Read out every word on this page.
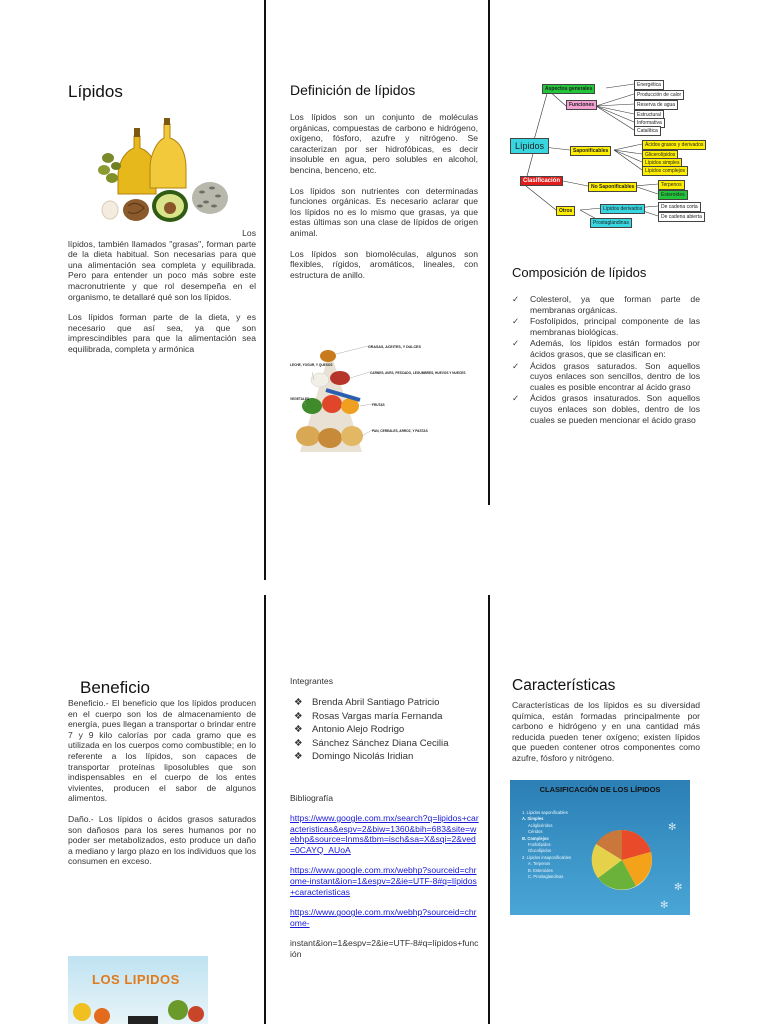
Lípidos
Los

lípidos, también llamados "grasas", forman parte de la dieta habitual. Son necesarias para que una alimentación sea completa y equilibrada. Pero para entender un poco más sobre este macronutriente y que rol desempeña en el organismo, te detallaré qué son los lípidos.

Los lípidos forman parte de la dieta, y es necesario que así sea, ya que son imprescindibles para que la alimentación sea equilibrada, completa y armónica

Definición de lípidos

Los lípidos son un conjunto de moléculas orgánicas, compuestas de carbono e hidrógeno, oxígeno, fósforo, azufre y nitrógeno. Se caracterizan por ser hidrofóbicas, es decir insoluble en agua, pero solubles en alcohol, bencina, benceno, etc.

Los lípidos son nutrientes con determinadas funciones orgánicas. Es necesario aclarar que los lípidos no es lo mismo que grasas, ya que estas últimas son una clase de lípidos de origen animal.

Los lípidos son biomoléculas, algunos son flexibles, rígidos, aromáticos, lineales, con estructura de anillo.

GRASAS, ACEITES, Y DULCES
LECHE, YOGUR, Y QUESOS
CARNES, AVES, PESCADO, LEGUMBRES, HUEVOS Y NUECES
VEGETALES
FRUTAS
PAN, CEREALES, ARROZ, Y PASTAS
Aspectos generales
Funciones
Lípidos	Saponificables
Clasificación
No Saponificables
Otros
Energética
Producción de calor
Reserva de agua
Estructural
Informativa
Catalítica
Ácidos grasos y derivados
Glicerolípidos
Lípidos simples
Lípidos complejos
Terpenos
Esteroides
Lípidos derivados
Prostaglandinas
De cadena corta
De cadena abierta
Composición de lípidos
✓ Colesterol, ya que forman parte de membranas orgánicas.
✓ Fosfolípidos, principal componente de las membranas biológicas.
✓ Además, los lípidos están formados por ácidos grasos, que se clasifican en:
✓ Ácidos grasos saturados. Son aquellos cuyos enlaces son sencillos, dentro de los cuales es posible encontrar al ácido graso
✓ Ácidos grasos insaturados. Son aquellos cuyos enlaces son dobles, dentro de los cuales se pueden mencionar el ácido graso
Beneficio

Beneficio.- El beneficio que los lípidos producen en el cuerpo son los de almacenamiento de energía, pues llegan a transportar o brindar entre 7 y 9 kilo calorías por cada gramo que es utilizada en los cuerpos como combustible; en lo referente a los lípidos, son capaces de transportar proteínas liposolubles que son indispensables en el cuerpo de los entes vivientes, producen el sabor de algunos alimentos.

Daño.- Los lípidos o ácidos grasos saturados son dañosos para los seres humanos por no poder ser metabolizados, esto produce un daño a mediano y largo plazo en los individuos que los consumen en exceso.

LOS LIPIDOS
Integrantes
❖ Brenda Abril Santiago Patricio
❖ Rosas Vargas maría Fernanda
❖ Antonio Alejo Rodrigo
❖ Sánchez Sánchez Diana Cecilia
❖ Domingo Nicolás Iridian
Bibliografía

https://www.google.com.mx/search?q=lipidos+caracteristicas&espv=2&biw=1360&bih=683&site=webhp&source=lnms&tbm=isch&sa=X&sqi=2&ved=0CAYQ_AUoA

https://www.google.com.mx/webhp?sourceid=chrome-instant&ion=1&espv=2&ie=UTF-8#q=lípidos+caracteristicas

https://www.google.com.mx/webhp?sourceid=chrome-

instant&ion=1&espv=2&ie=UTF-8#q=lípidos+función

Características
Características de los lípidos es su diversidad química, están formadas principalmente por carbono e hidrógeno y en una cantidad más reducida pueden tener oxígeno; existen lípidos que pueden contener otros componentes como azufre, fósforo y nitrógeno.
CLASIFICACIÓN DE LOS LÍPIDOS
1. Lípidos saponificables
A. Simples
Acilglicéridos
Céridos
B. Complejos
Fosfolípidos
Glucolípidos
2. Lípidos insaponificables
A. Terpenos
B. Esteroides
C. Prostaglandinas
✻
✻
✻
